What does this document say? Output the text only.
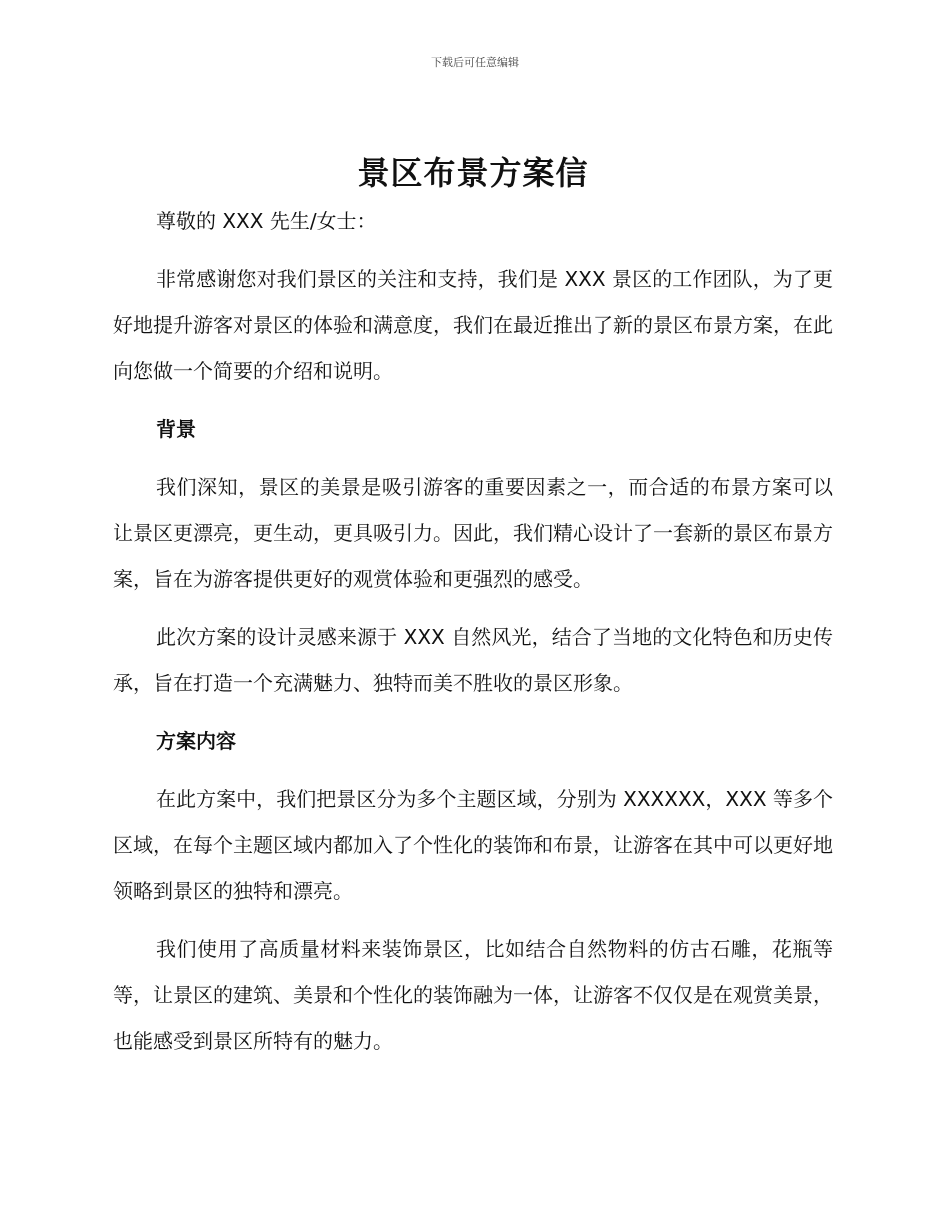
下载后可任意编辑
景区布景方案信

尊敬的 XXX 先生/女士：

非常感谢您对我们景区的关注和支持，我们是 XXX 景区的工作团队，为了更好地提升游客对景区的体验和满意度，我们在最近推出了新的景区布景方案，在此向您做一个简要的介绍和说明。

背景

我们深知，景区的美景是吸引游客的重要因素之一，而合适的布景方案可以让景区更漂亮，更生动，更具吸引力。因此，我们精心设计了一套新的景区布景方案，旨在为游客提供更好的观赏体验和更强烈的感受。

此次方案的设计灵感来源于 XXX 自然风光，结合了当地的文化特色和历史传承，旨在打造一个充满魅力、独特而美不胜收的景区形象。

方案内容

在此方案中，我们把景区分为多个主题区域，分别为 XXXXXX，XXX 等多个区域，在每个主题区域内都加入了个性化的装饰和布景，让游客在其中可以更好地领略到景区的独特和漂亮。

我们使用了高质量材料来装饰景区，比如结合自然物料的仿古石雕，花瓶等等，让景区的建筑、美景和个性化的装饰融为一体，让游客不仅仅是在观赏美景，也能感受到景区所特有的魅力。
